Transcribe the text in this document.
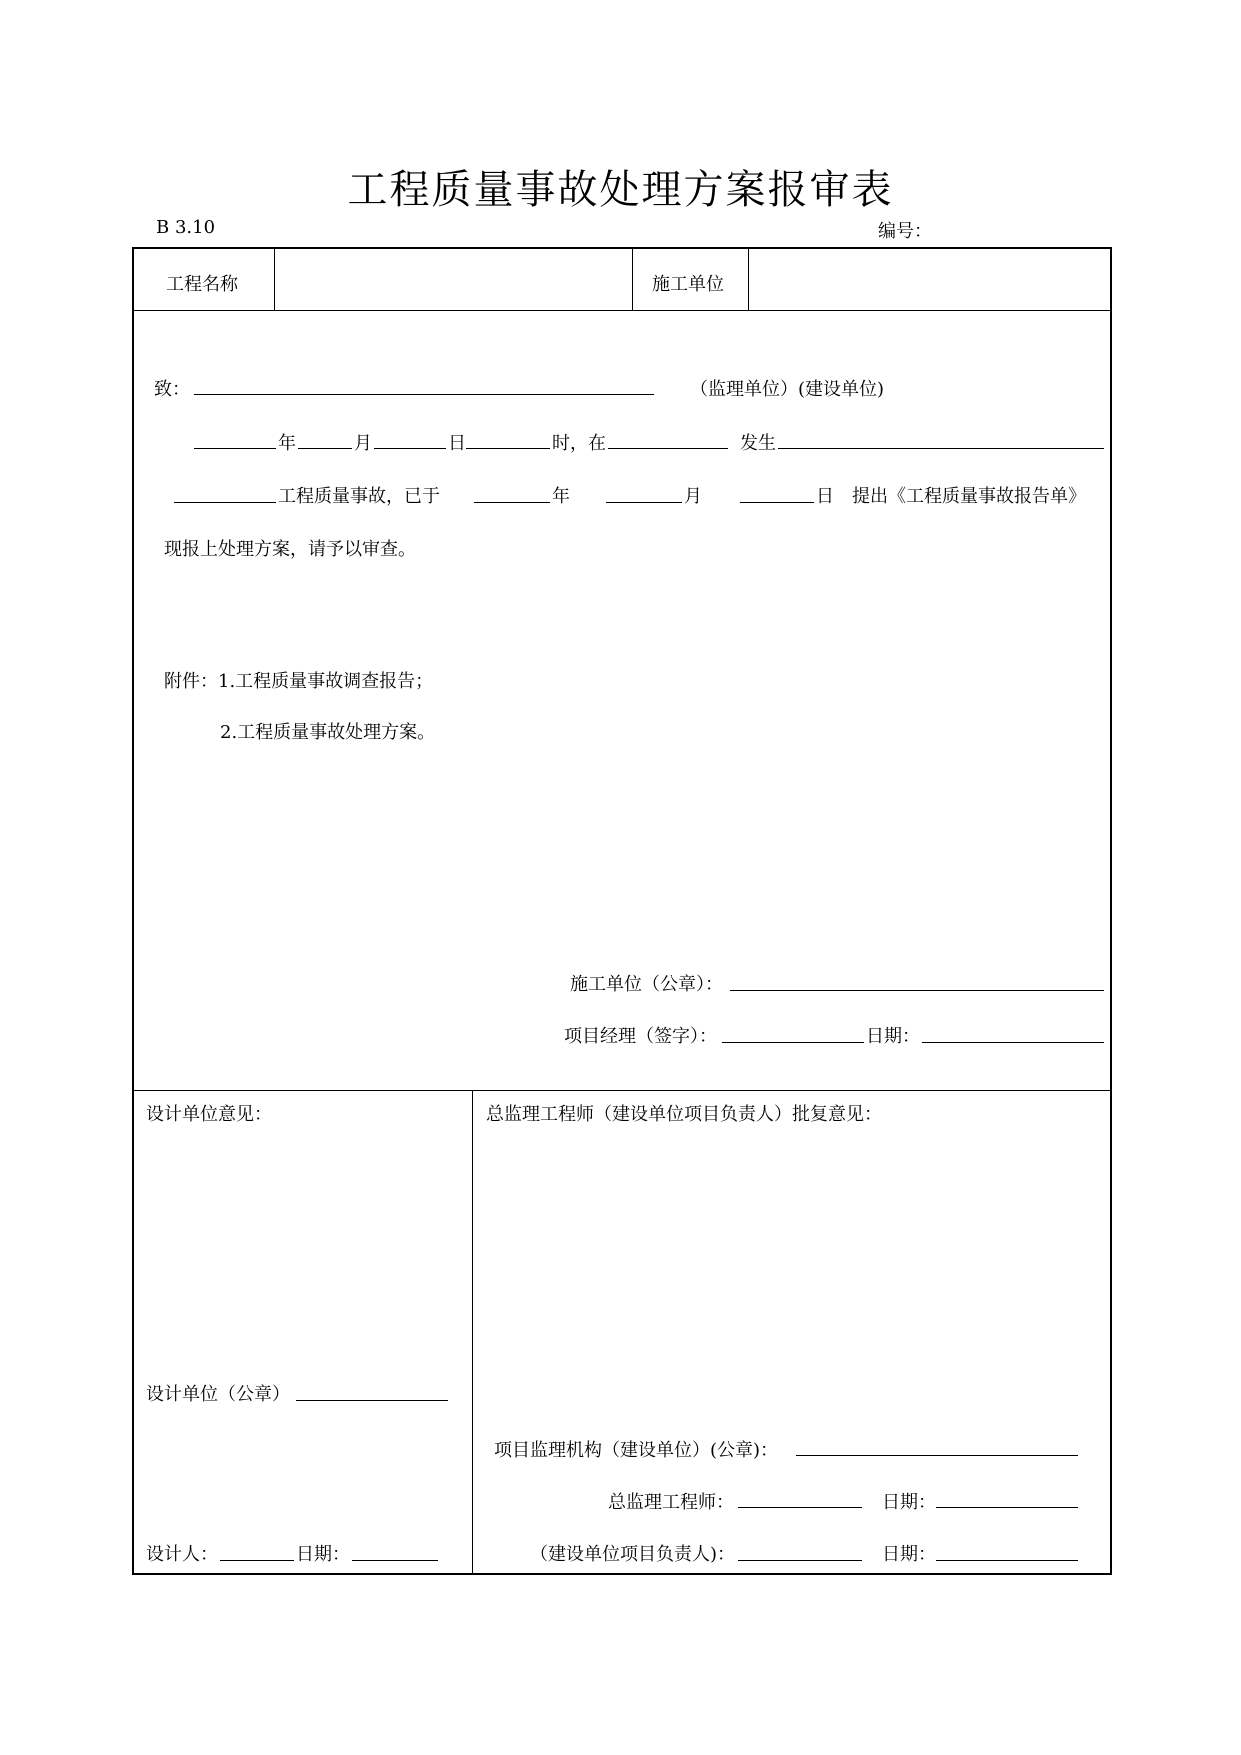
工程质量事故处理方案报审表
B 3.10	编号：
工程名称	施工单位
致：	（监理单位）(建设单位)
年	月	日	时，在	发生
工程质量事故，已于	年	月	日 提出《工程质量事故报告单》
现报上处理方案，请予以审查。
附件：1.工程质量事故调查报告；
2.工程质量事故处理方案。
施工单位（公章）：
项目经理（签字）：	日期：
设计单位意见：
设计单位（公章）
设计人：	日期：
总监理工程师（建设单位项目负责人）批复意见：
项目监理机构（建设单位）(公章)：
总监理工程师：	日期：
（建设单位项目负责人)：	日期：
